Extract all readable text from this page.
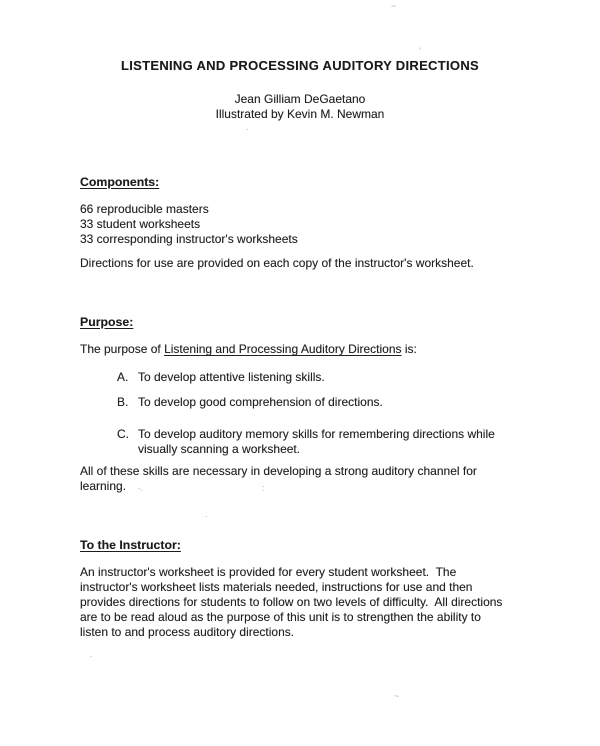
LISTENING AND PROCESSING AUDITORY DIRECTIONS
Jean Gilliam DeGaetano
Illustrated by Kevin M. Newman
Components:
66 reproducible masters
33 student worksheets
33 corresponding instructor's worksheets

Directions for use are provided on each copy of the instructor's worksheet.

Purpose:

The purpose of Listening and Processing Auditory Directions is:

A. To develop attentive listening skills.
B. To develop good comprehension of directions.
C. To develop auditory memory skills for remembering directions while
visually scanning a worksheet.
All of these skills are necessary in developing a strong auditory channel for
learning.
To the Instructor:
An instructor's worksheet is provided for every student worksheet.  The
instructor's worksheet lists materials needed, instructions for use and then
provides directions for students to follow on two levels of difficulty.  All directions
are to be read aloud as the purpose of this unit is to strengthen the ability to
listen to and process auditory directions.
~
'
.
-.	:
.
.
~
